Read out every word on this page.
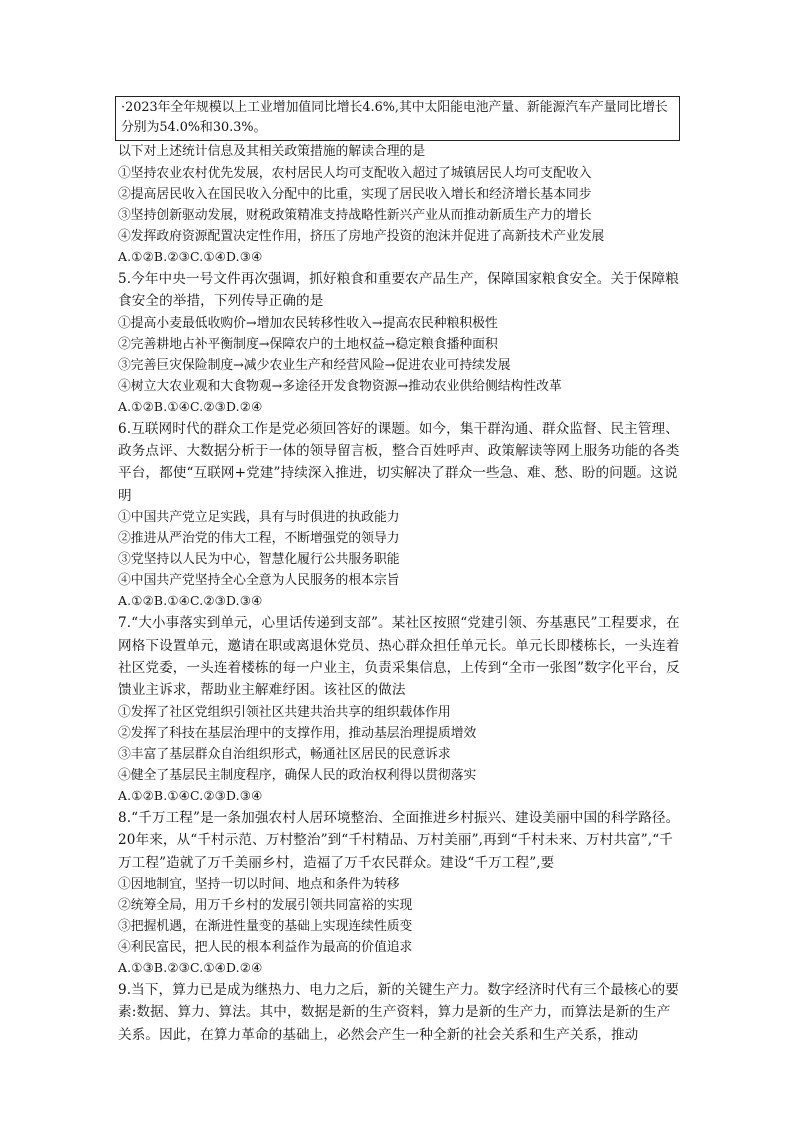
·2023年全年规模以上工业增加值同比增长4.6%,其中太阳能电池产量、新能源汽车产量同比增长分别为54.0%和30.3%。

以下对上述统计信息及其相关政策措施的解读合理的是

①坚持农业农村优先发展，农村居民人均可支配收入超过了城镇居民人均可支配收入

②提高居民收入在国民收入分配中的比重，实现了居民收入增长和经济增长基本同步

③坚持创新驱动发展，财税政策精准支持战略性新兴产业从而推动新质生产力的增长

④发挥政府资源配置决定性作用，挤压了房地产投资的泡沫并促进了高新技术产业发展

A.①②B.②③C.①④D.③④

5.今年中央一号文件再次强调，抓好粮食和重要农产品生产，保障国家粮食安全。关于保障粮食安全的举措，下列传导正确的是

①提高小麦最低收购价→增加农民转移性收入→提高农民种粮积极性

②完善耕地占补平衡制度→保障农户的土地权益→稳定粮食播种面积

③完善巨灾保险制度→减少农业生产和经营风险→促进农业可持续发展

④树立大农业观和大食物观→多途径开发食物资源→推动农业供给侧结构性改革

A.①②B.①④C.②③D.②④

6.互联网时代的群众工作是党必须回答好的课题。如今，集干群沟通、群众监督、民主管理、政务点评、大数据分析于一体的领导留言板，整合百姓呼声、政策解读等网上服务功能的各类平台，都使“互联网+党建”持续深入推进，切实解决了群众一些急、难、愁、盼的问题。这说明

①中国共产党立足实践，具有与时俱进的执政能力

②推进从严治党的伟大工程，不断增强党的领导力

③党坚持以人民为中心，智慧化履行公共服务职能

④中国共产党坚持全心全意为人民服务的根本宗旨

A.①②B.①④C.②③D.③④

7.“大小事落实到单元，心里话传递到支部”。某社区按照“党建引领、夯基惠民”工程要求，在网格下设置单元，邀请在职或离退休党员、热心群众担任单元长。单元长即楼栋长，一头连着社区党委，一头连着楼栋的每一户业主，负责采集信息，上传到“全市一张图”数字化平台，反馈业主诉求，帮助业主解难纾困。该社区的做法

①发挥了社区党组织引领社区共建共治共享的组织载体作用

②发挥了科技在基层治理中的支撑作用，推动基层治理提质增效

③丰富了基层群众自治组织形式，畅通社区居民的民意诉求

④健全了基层民主制度程序，确保人民的政治权利得以贯彻落实

A.①②B.①④C.②③D.③④

8.“千万工程”是一条加强农村人居环境整治、全面推进乡村振兴、建设美丽中国的科学路径。20年来，从“千村示范、万村整治”到“千村精品、万村美丽”,再到“千村未来、万村共富”,“千万工程”造就了万千美丽乡村，造福了万千农民群众。建设“千万工程”,要

①因地制宜，坚持一切以时间、地点和条件为转移

②统筹全局，用万千乡村的发展引领共同富裕的实现

③把握机遇，在渐进性量变的基础上实现连续性质变

④利民富民，把人民的根本利益作为最高的价值追求

A.①③B.②③C.①④D.②④

9.当下，算力已是成为继热力、电力之后，新的关键生产力。数字经济时代有三个最核心的要素:数据、算力、算法。其中，数据是新的生产资料，算力是新的生产力，而算法是新的生产关系。因此，在算力革命的基础上，必然会产生一种全新的社会关系和生产关系，推动
